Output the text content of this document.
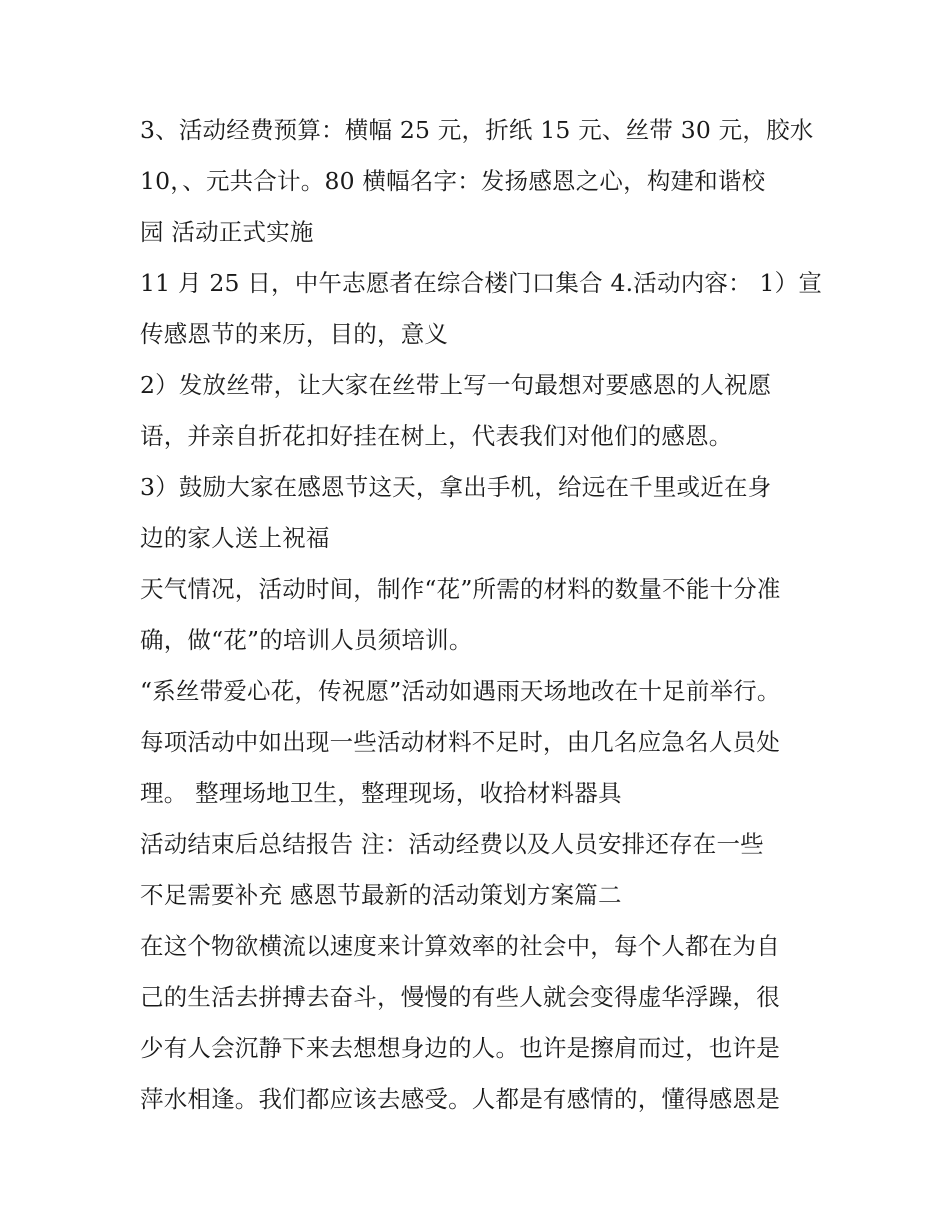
3、活动经费预算：横幅 25 元，折纸 15 元、丝带 30 元，胶水
10，、元共合计。80 横幅名字：发扬感恩之心，构建和谐校
园 活动正式实施
11 月 25 日，中午志愿者在综合楼门口集合 4.活动内容： 1）宣
传感恩节的来历，目的，意义
2）发放丝带，让大家在丝带上写一句最想对要感恩的人祝愿
语，并亲自折花扣好挂在树上，代表我们对他们的感恩。
3）鼓励大家在感恩节这天，拿出手机，给远在千里或近在身
边的家人送上祝福
天气情况，活动时间，制作“花”所需的材料的数量不能十分准
确，做“花”的培训人员须培训。
“系丝带爱心花，传祝愿”活动如遇雨天场地改在十足前举行。
每项活动中如出现一些活动材料不足时，由几名应急名人员处
理。 整理场地卫生，整理现场，收拾材料器具
活动结束后总结报告 注：活动经费以及人员安排还存在一些
不足需要补充 感恩节最新的活动策划方案篇二
在这个物欲横流以速度来计算效率的社会中，每个人都在为自
己的生活去拼搏去奋斗，慢慢的有些人就会变得虚华浮躁，很
少有人会沉静下来去想想身边的人。也许是擦肩而过，也许是
萍水相逢。我们都应该去感受。人都是有感情的，懂得感恩是
